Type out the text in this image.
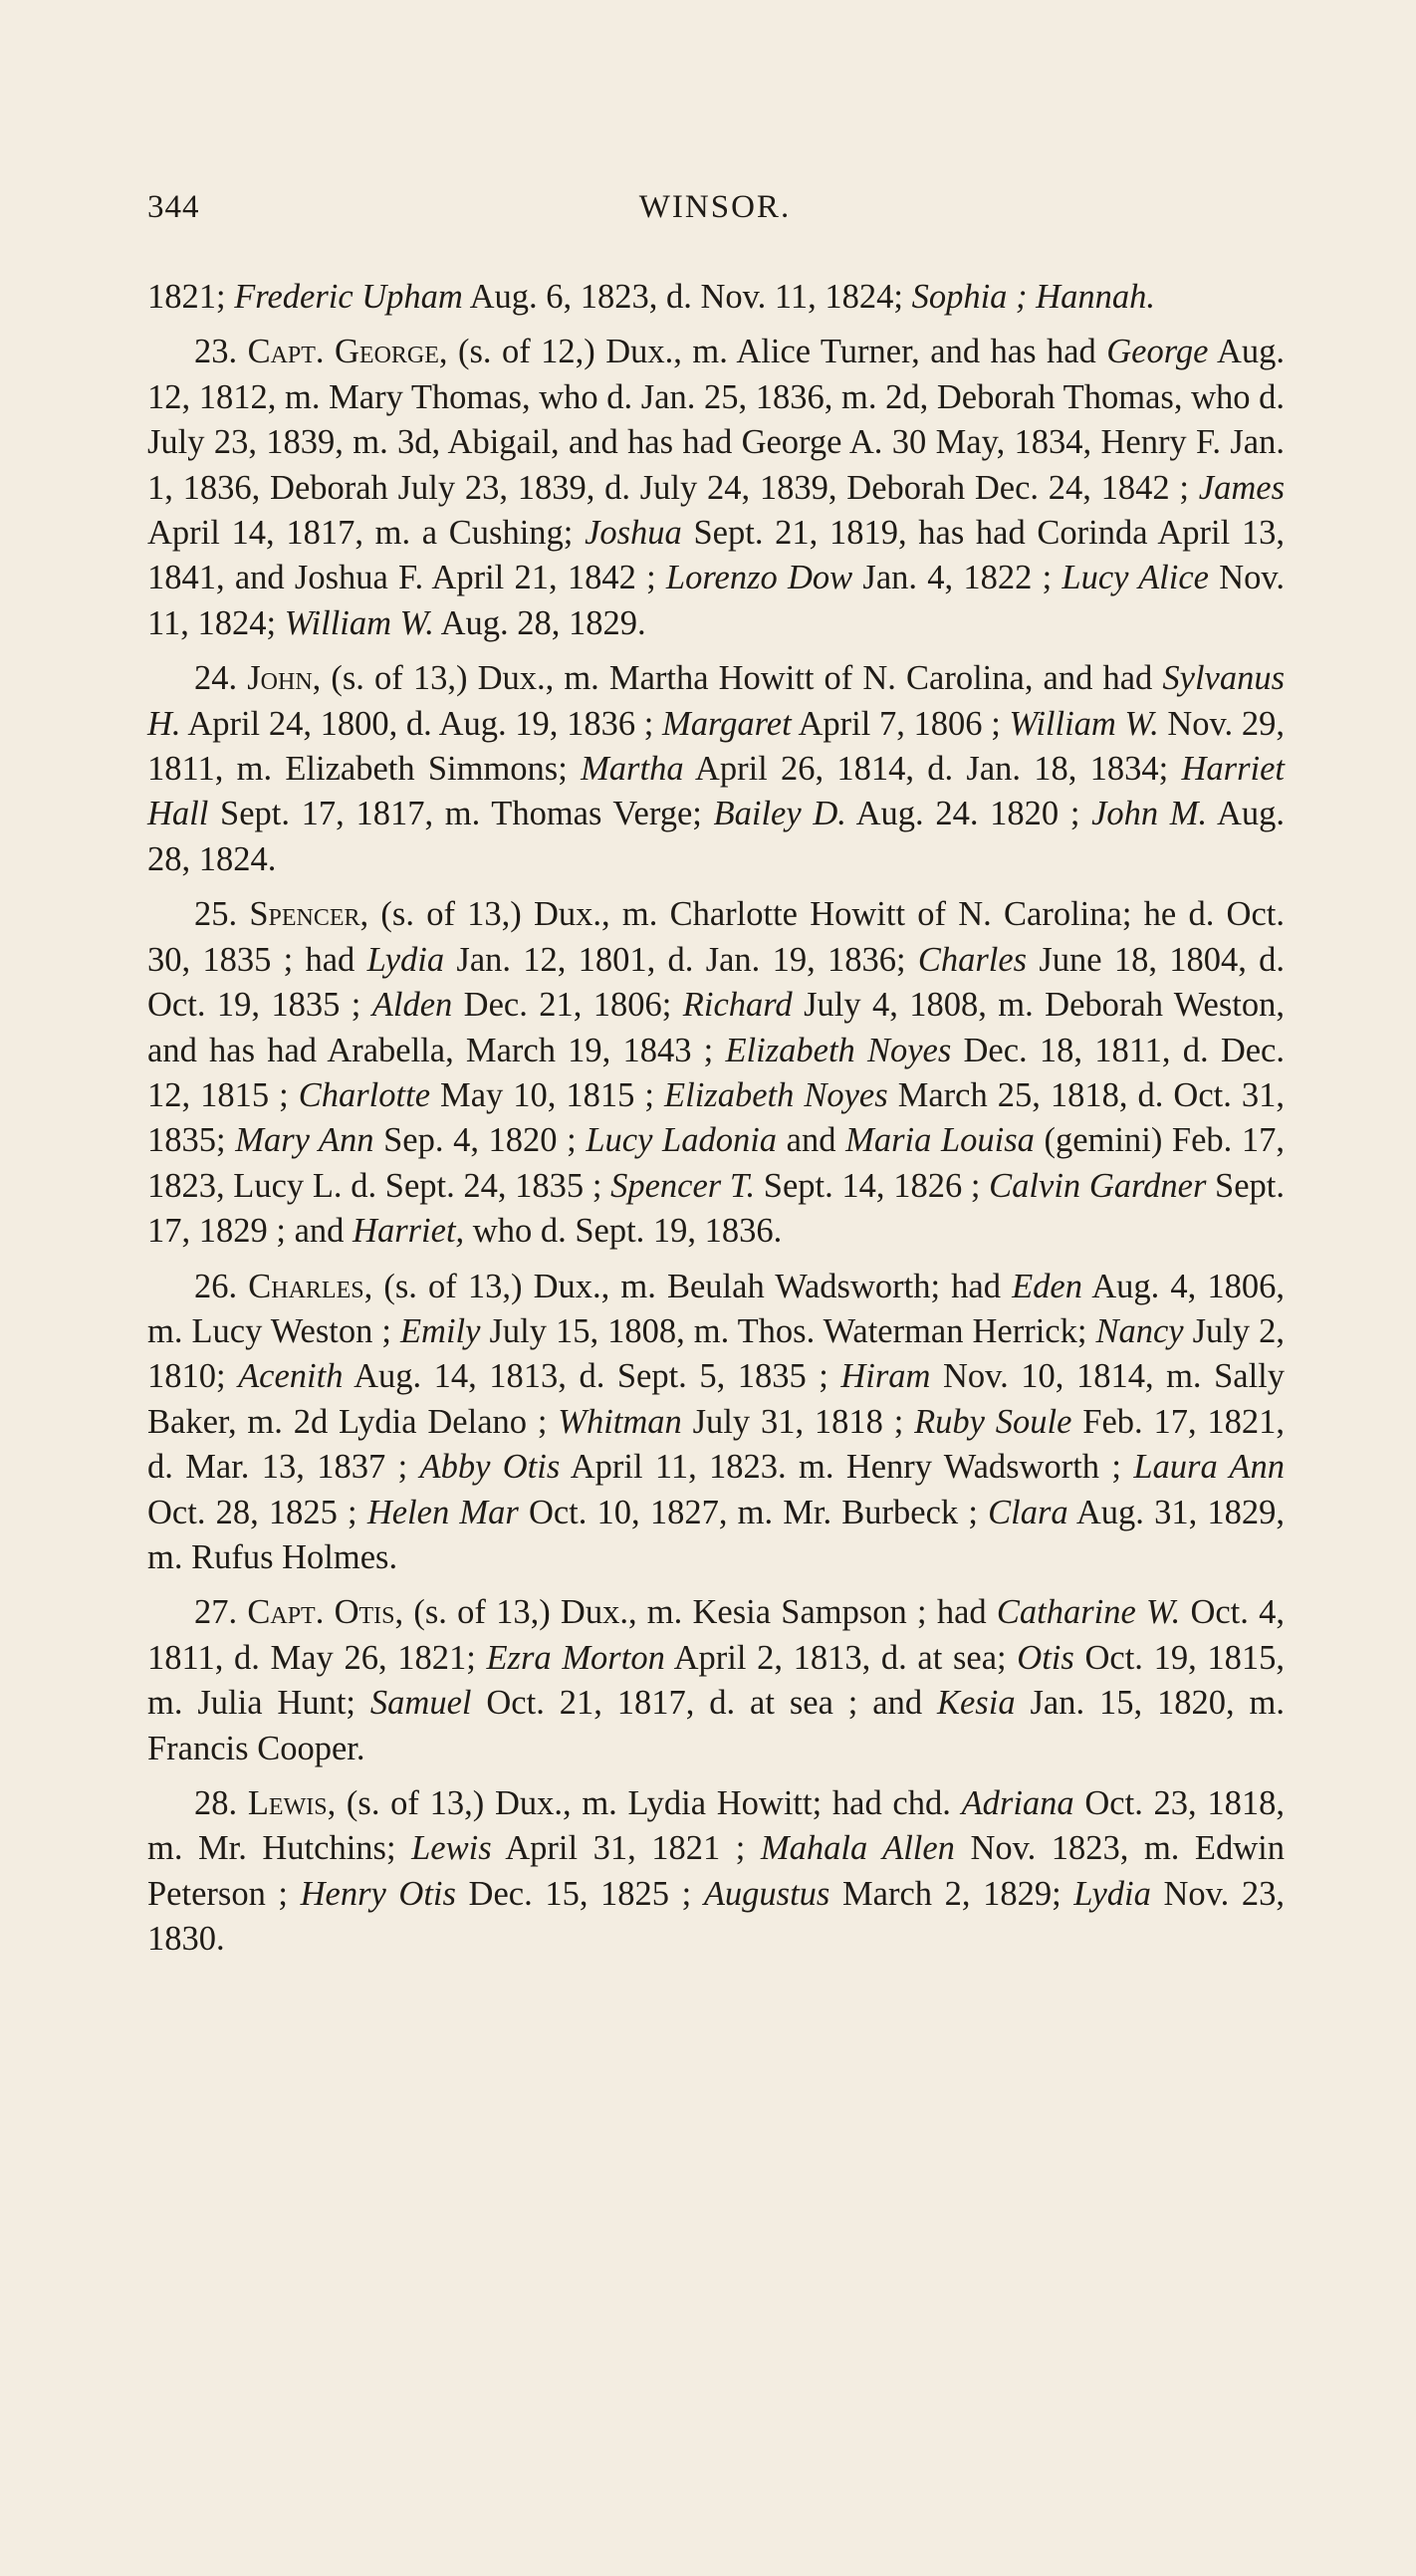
344	WINSOR.

1821; Frederic Upham Aug. 6, 1823, d. Nov. 11, 1824; Sophia ; Hannah.

23. Capt. George, (s. of 12,) Dux., m. Alice Turner, and has had George Aug. 12, 1812, m. Mary Thomas, who d. Jan. 25, 1836, m. 2d, Deborah Thomas, who d. July 23, 1839, m. 3d, Abigail, and has had George A. 30 May, 1834, Henry F. Jan. 1, 1836, Deborah July 23, 1839, d. July 24, 1839, Deborah Dec. 24, 1842 ; James April 14, 1817, m. a Cushing; Joshua Sept. 21, 1819, has had Corinda April 13, 1841, and Joshua F. April 21, 1842 ; Lorenzo Dow Jan. 4, 1822 ; Lucy Alice Nov. 11, 1824; William W. Aug. 28, 1829.

24. John, (s. of 13,) Dux., m. Martha Howitt of N. Carolina, and had Sylvanus H. April 24, 1800, d. Aug. 19, 1836 ; Margaret April 7, 1806 ; William W. Nov. 29, 1811, m. Elizabeth Simmons; Martha April 26, 1814, d. Jan. 18, 1834; Harriet Hall Sept. 17, 1817, m. Thomas Verge; Bailey D. Aug. 24. 1820 ; John M. Aug. 28, 1824.

25. Spencer, (s. of 13,) Dux., m. Charlotte Howitt of N. Carolina; he d. Oct. 30, 1835 ; had Lydia Jan. 12, 1801, d. Jan. 19, 1836; Charles June 18, 1804, d. Oct. 19, 1835 ; Alden Dec. 21, 1806; Richard July 4, 1808, m. Deborah Weston, and has had Arabella, March 19, 1843 ; Elizabeth Noyes Dec. 18, 1811, d. Dec. 12, 1815 ; Charlotte May 10, 1815 ; Elizabeth Noyes March 25, 1818, d. Oct. 31, 1835; Mary Ann Sep. 4, 1820 ; Lucy Ladonia and Maria Louisa (gemini) Feb. 17, 1823, Lucy L. d. Sept. 24, 1835 ; Spencer T. Sept. 14, 1826 ; Calvin Gardner Sept. 17, 1829 ; and Harriet, who d. Sept. 19, 1836.

26. Charles, (s. of 13,) Dux., m. Beulah Wadsworth; had Eden Aug. 4, 1806, m. Lucy Weston ; Emily July 15, 1808, m. Thos. Waterman Herrick; Nancy July 2, 1810; Acenith Aug. 14, 1813, d. Sept. 5, 1835 ; Hiram Nov. 10, 1814, m. Sally Baker, m. 2d Lydia Delano ; Whitman July 31, 1818 ; Ruby Soule Feb. 17, 1821, d. Mar. 13, 1837 ; Abby Otis April 11, 1823. m. Henry Wadsworth ; Laura Ann Oct. 28, 1825 ; Helen Mar Oct. 10, 1827, m. Mr. Burbeck ; Clara Aug. 31, 1829, m. Rufus Holmes.

27. Capt. Otis, (s. of 13,) Dux., m. Kesia Sampson ; had Catharine W. Oct. 4, 1811, d. May 26, 1821; Ezra Morton April 2, 1813, d. at sea; Otis Oct. 19, 1815, m. Julia Hunt; Samuel Oct. 21, 1817, d. at sea ; and Kesia Jan. 15, 1820, m. Francis Cooper.

28. Lewis, (s. of 13,) Dux., m. Lydia Howitt; had chd. Adriana Oct. 23, 1818, m. Mr. Hutchins; Lewis April 31, 1821 ; Mahala Allen Nov. 1823, m. Edwin Peterson ; Henry Otis Dec. 15, 1825 ; Augustus March 2, 1829; Lydia Nov. 23, 1830.
